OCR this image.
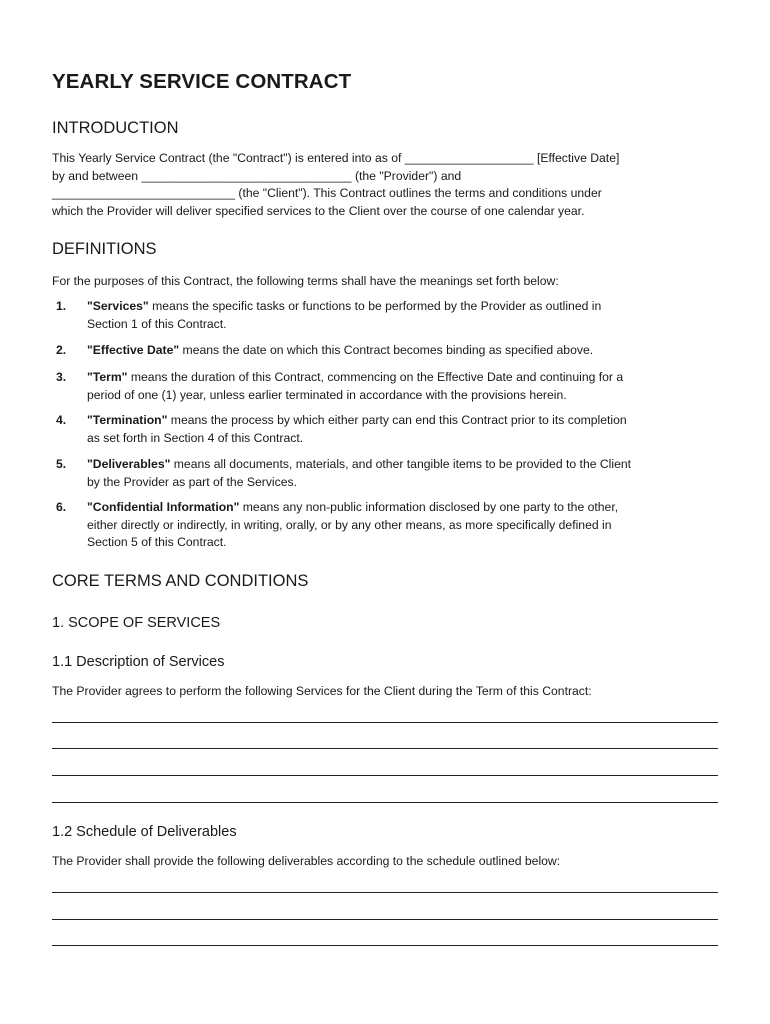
YEARLY SERVICE CONTRACT
INTRODUCTION

This Yearly Service Contract (the "Contract") is entered into as of ___________________ [Effective Date]

by and between _______________________________ (the "Provider") and

___________________________ (the "Client"). This Contract outlines the terms and conditions under

which the Provider will deliver specified services to the Client over the course of one calendar year.

DEFINITIONS

For the purposes of this Contract, the following terms shall have the meanings set forth below:

1. "Services" means the specific tasks or functions to be performed by the Provider as outlined in
Section 1 of this Contract.
2. "Effective Date" means the date on which this Contract becomes binding as specified above.
3. "Term" means the duration of this Contract, commencing on the Effective Date and continuing for a
period of one (1) year, unless earlier terminated in accordance with the provisions herein.
4. "Termination" means the process by which either party can end this Contract prior to its completion
as set forth in Section 4 of this Contract.
5. "Deliverables" means all documents, materials, and other tangible items to be provided to the Client
by the Provider as part of the Services.
6. "Confidential Information" means any non-public information disclosed by one party to the other,
either directly or indirectly, in writing, orally, or by any other means, as more specifically defined in
Section 5 of this Contract.
CORE TERMS AND CONDITIONS
1. SCOPE OF SERVICES
1.1 Description of Services

The Provider agrees to perform the following Services for the Client during the Term of this Contract:

1.2 Schedule of Deliverables

The Provider shall provide the following deliverables according to the schedule outlined below:
